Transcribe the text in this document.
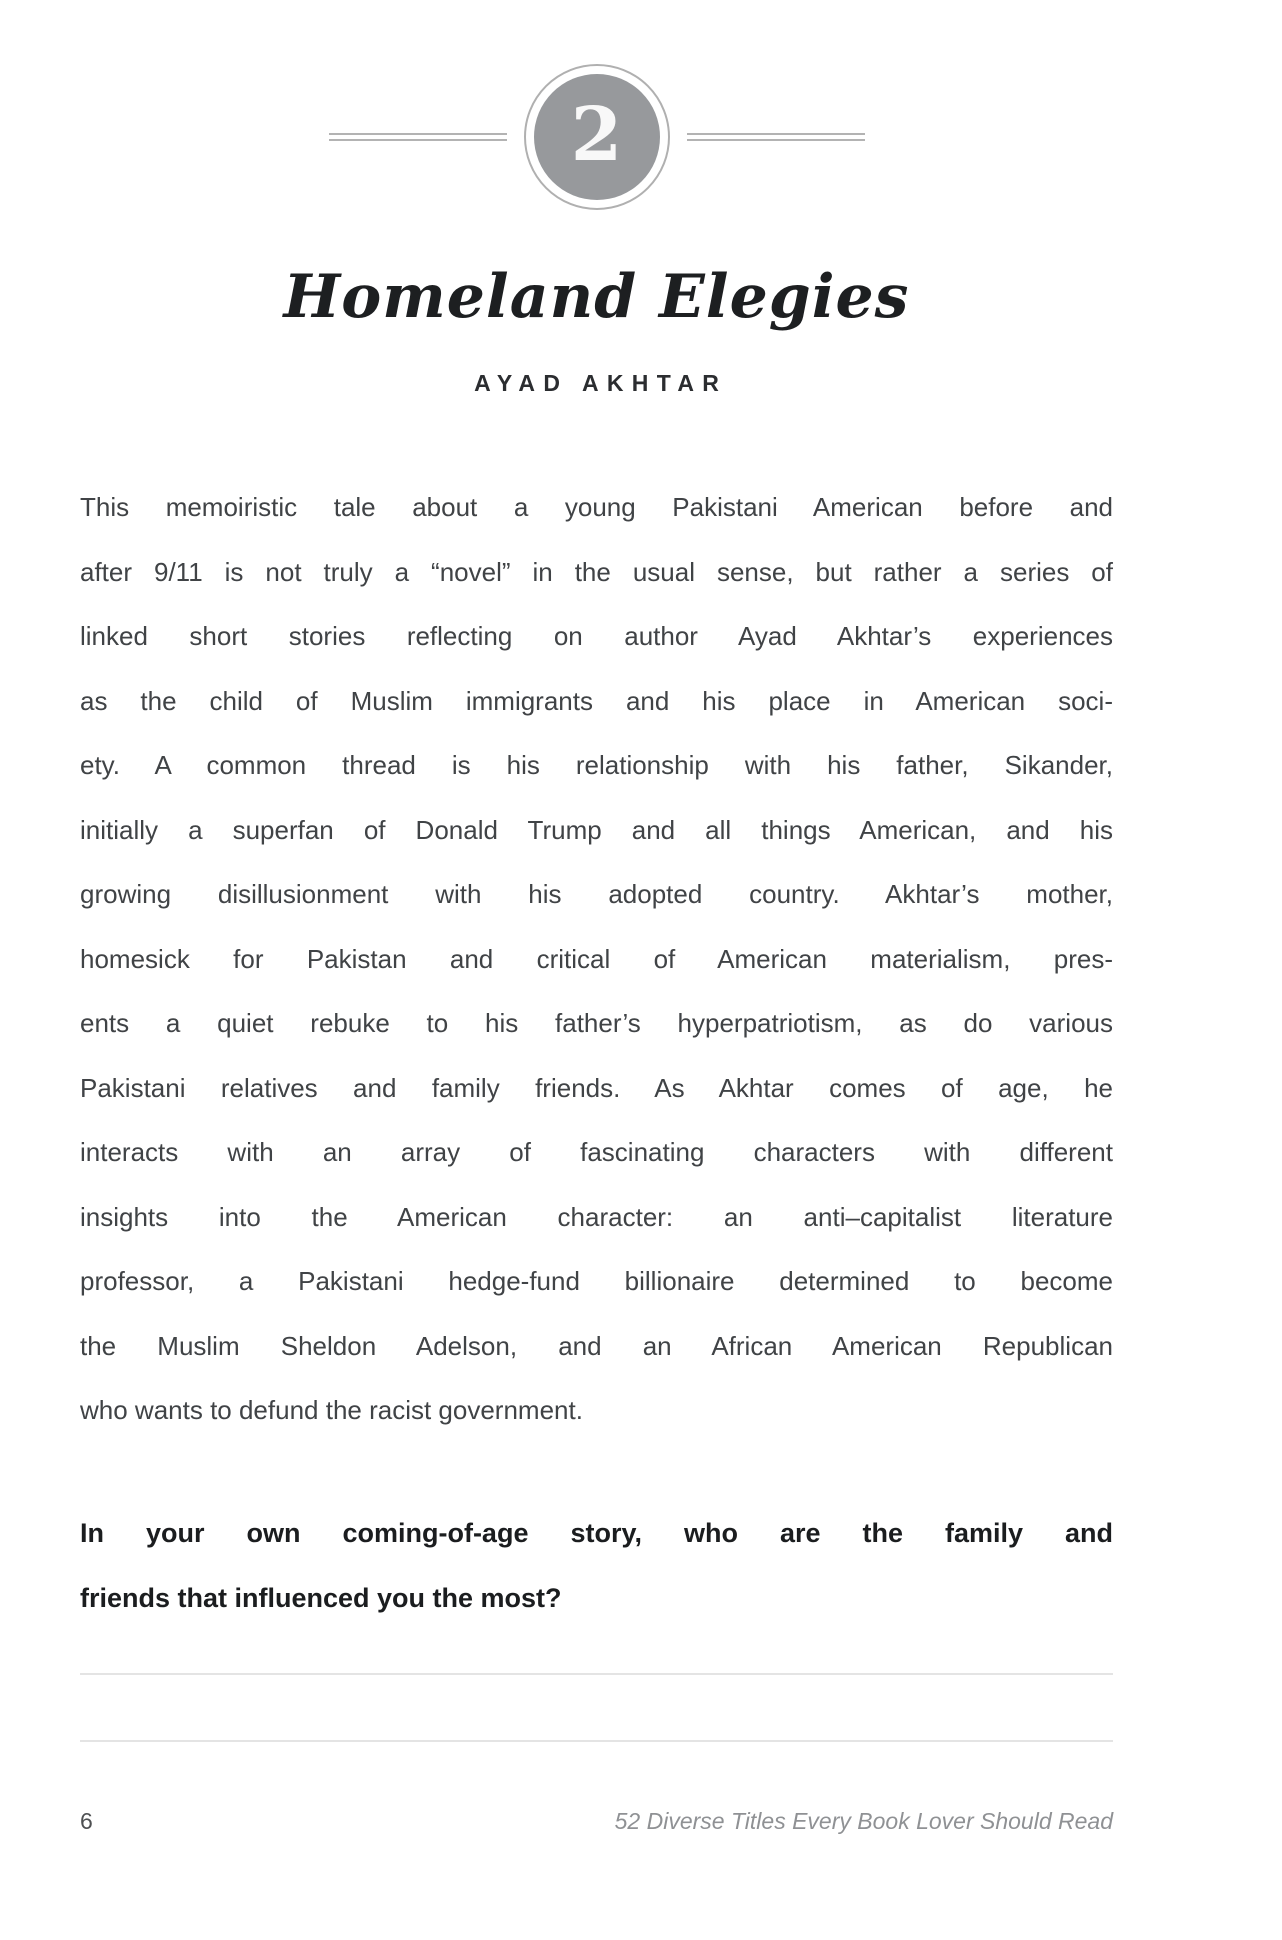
2
Homeland Elegies
AYAD AKHTAR
This memoiristic tale about a young Pakistani American before and
after 9/11 is not truly a “novel” in the usual sense, but rather a series of
linked short stories reflecting on author Ayad Akhtar’s experiences
as the child of Muslim immigrants and his place in American soci-
ety. A common thread is his relationship with his father, Sikander,
initially a superfan of Donald Trump and all things American, and his
growing disillusionment with his adopted country. Akhtar’s mother,
homesick for Pakistan and critical of American materialism, pres-
ents a quiet rebuke to his father’s hyperpatriotism, as do various
Pakistani relatives and family friends. As Akhtar comes of age, he
interacts with an array of fascinating characters with different
insights into the American character: an anti–capitalist literature
professor, a Pakistani hedge-fund billionaire determined to become
the Muslim Sheldon Adelson, and an African American Republican
who wants to defund the racist government.
In your own coming-of-age story, who are the family and
friends that influenced you the most?
6	52 Diverse Titles Every Book Lover Should Read
